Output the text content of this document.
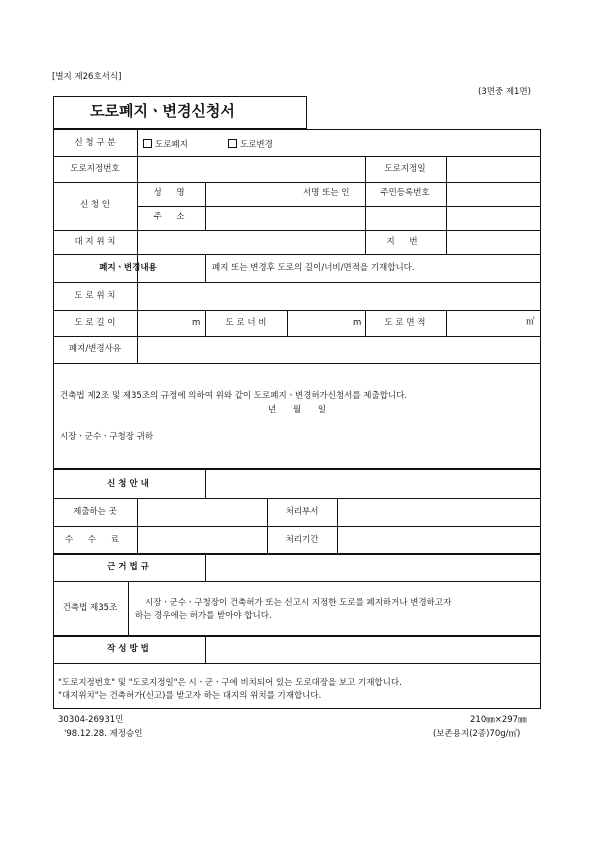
[별지 제26호서식]
(3면중 제1면)
도로폐지ㆍ변경신청서
신 청 구 분	도로폐지	도로변경
도로지정번호	도로지정일
신 청 인
성 명	서명 또는 인	주민등록번호
주 소
대 지 위 치	지 번
폐지ㆍ변경내용	폐지 또는 변경후 도로의 길이/너비/면적을 기재합니다.
도 로 위 치
도 로 길 이	m	도 로 너 비	m	도 로 면 적	㎡
폐지/변경사유
건축법 제2조 및 제35조의 규정에 의하여 위와 같이 도로폐지ㆍ변경허가신청서를 제출합니다.
년 월 일
시장ㆍ군수ㆍ구청장 귀하
신 청 안 내
제출하는 곳	처리부서
수 수 료	처리기간
근 거 법 규
건축법 제35조	시장ㆍ군수ㆍ구청장이 건축허가 또는 신고시 지정한 도로를 폐지하거나 변경하고자
하는 경우에는 허가를 받아야 합니다.
작 성 방 법
"도로지정번호" 및 "도로지정일"은 시ㆍ군ㆍ구에 비치되어 있는 도로대장을 보고 기재합니다.
"대지위치"는 건축허가(신고)를 받고자 하는 대지의 위치를 기재합니다.
30304-26931민
'98.12.28. 제정승인
210㎜×297㎜
(보존용지(2종)70g/㎡)
